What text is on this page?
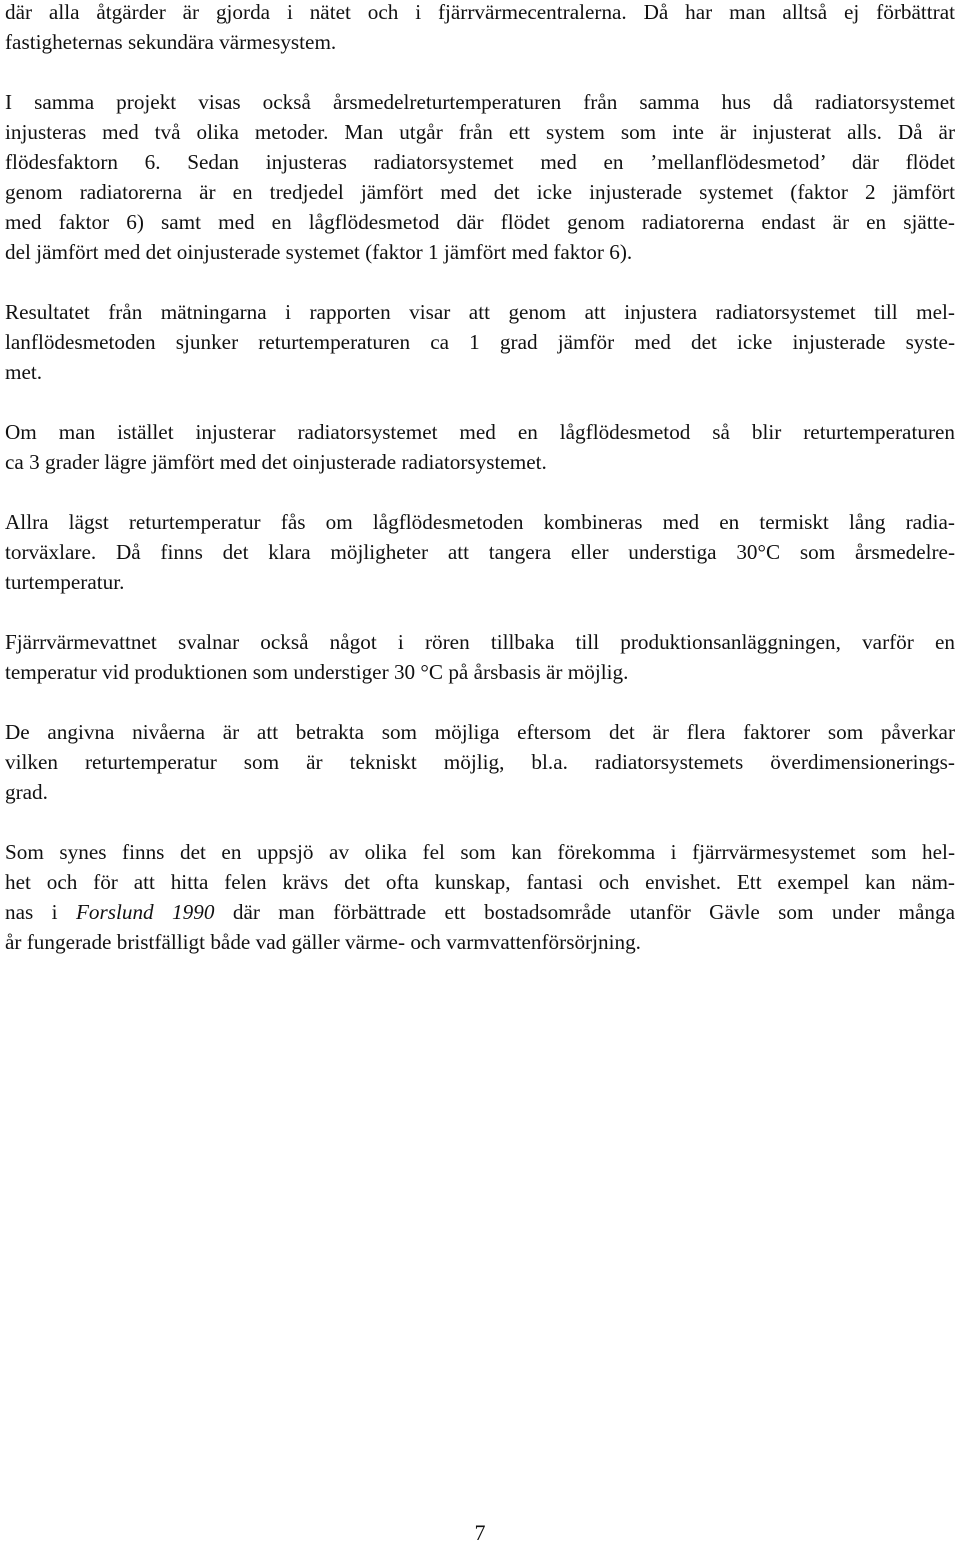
där alla åtgärder är gjorda i nätet och i fjärrvärmecentralerna. Då har man alltså ej förbättrat
fastigheternas sekundära värmesystem.

I samma projekt visas också årsmedelreturtemperaturen från samma hus då radiatorsystemet
injusteras med två olika metoder. Man utgår från ett system som inte är injusterat alls. Då är
flödesfaktorn 6. Sedan injusteras radiatorsystemet med en ’mellanflödesmetod’ där flödet
genom radiatorerna är en tredjedel jämfört med det icke injusterade systemet (faktor 2 jämfört
med faktor 6) samt med en lågflödesmetod där flödet genom radiatorerna endast är en sjätte-
del jämfört med det oinjusterade systemet (faktor 1 jämfört med faktor 6).

Resultatet från mätningarna i rapporten visar att genom att injustera radiatorsystemet till mel-
lanflödesmetoden sjunker returtemperaturen ca 1 grad jämför med det icke injusterade syste-
met.

Om man istället injusterar radiatorsystemet med en lågflödesmetod så blir returtemperaturen
ca 3 grader lägre jämfört med det oinjusterade radiatorsystemet.

Allra lägst returtemperatur fås om lågflödesmetoden kombineras med en termiskt lång radia-
torväxlare. Då finns det klara möjligheter att tangera eller understiga 30°C som årsmedelre-
turtemperatur.

Fjärrvärmevattnet svalnar också något i rören tillbaka till produktionsanläggningen, varför en
temperatur vid produktionen som understiger 30 °C på årsbasis är möjlig.

De angivna nivåerna är att betrakta som möjliga eftersom det är flera faktorer som påverkar
vilken returtemperatur som är tekniskt möjlig, bl.a. radiatorsystemets överdimensionerings-
grad.

Som synes finns det en uppsjö av olika fel som kan förekomma i fjärrvärmesystemet som hel-
het och för att hitta felen krävs det ofta kunskap, fantasi och envishet. Ett exempel kan näm-
nas i Forslund 1990 där man förbättrade ett bostadsområde utanför Gävle som under många
år fungerade bristfälligt både vad gäller värme- och varmvattenförsörjning.

7
